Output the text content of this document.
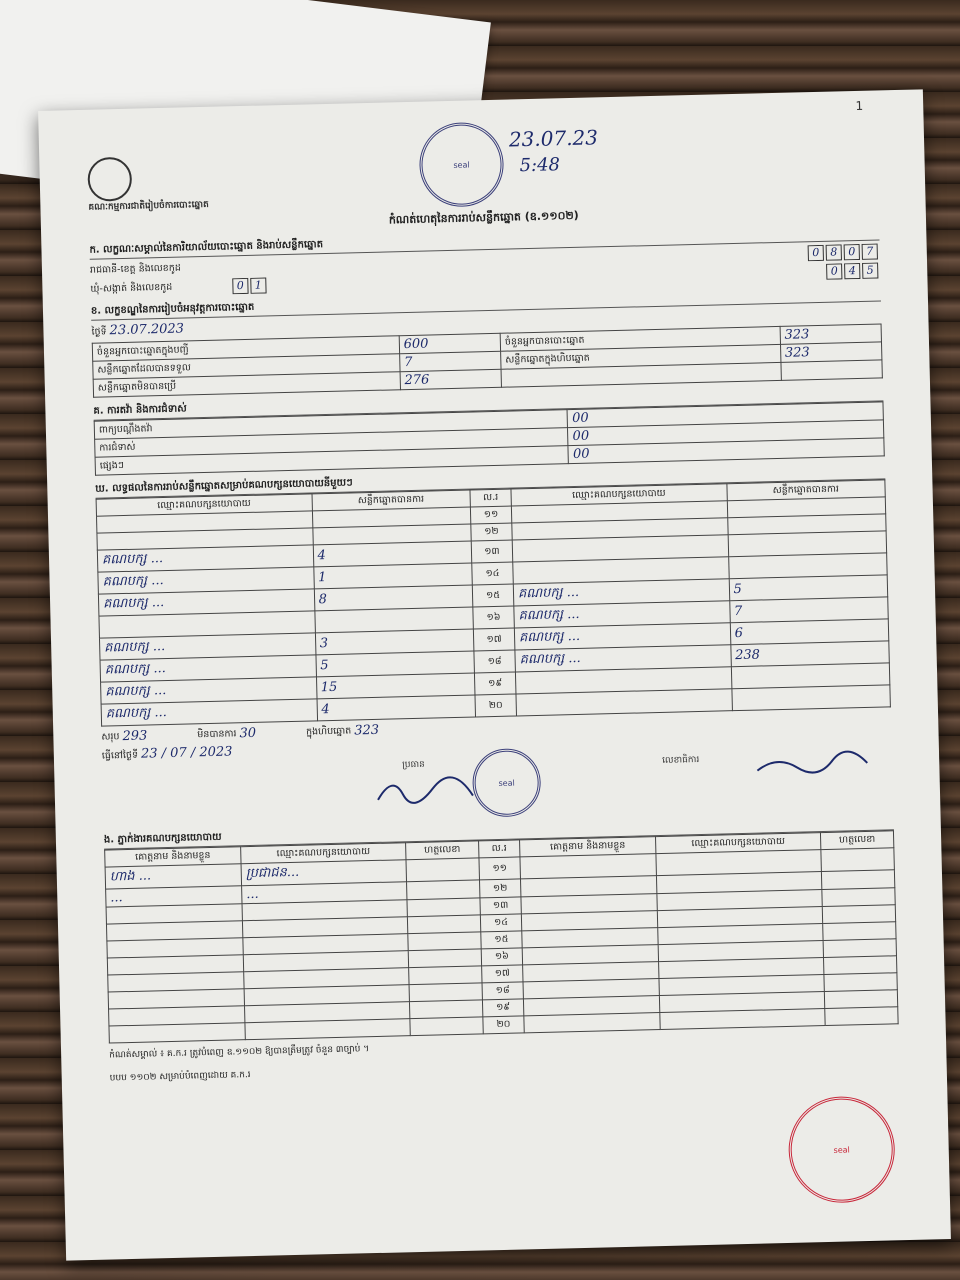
seal
23.07.23
5:48
1
គណៈកម្មការជាតិរៀបចំការបោះឆ្នោត
កំណត់ហេតុនៃការរាប់សន្លឹកឆ្នោត (ឧ.១១០២)
ក. លក្ខណៈសម្គាល់នៃការិយាល័យបោះឆ្នោត និងរាប់សន្លឹកឆ្នោត
រាជធានី-ខេត្ត និងលេខកូដ
0 8 0 7
ឃុំ-សង្កាត់ និងលេខកូដ	0 1
0 4 5
ខ. លក្ខខណ្ឌនៃការរៀបចំអនុវត្តការបោះឆ្នោត
ថ្ងៃទី 23.07.2023
ចំនួនអ្នកបោះឆ្នោតក្នុងបញ្ជី	600	ចំនួនអ្នកបានបោះឆ្នោត	323
សន្លឹកឆ្នោតដែលបានទទួល	7	សន្លឹកឆ្នោតក្នុងហិបឆ្នោត	323
សន្លឹកឆ្នោតមិនបានប្រើ	276		
គ. ការតវ៉ា និងការជំទាស់
ពាក្យបណ្តឹងតវ៉ា	00
ការជំទាស់	00
ផ្សេងៗ	00
ឃ. លទ្ធផលនៃការរាប់សន្លឹកឆ្នោតសម្រាប់គណបក្សនយោបាយនីមួយៗ
ឈ្មោះគណបក្សនយោបាយ	សន្លឹកឆ្នោតបានការ	ល.រ	ឈ្មោះគណបក្សនយោបាយ	សន្លឹកឆ្នោតបានការ
		១១		
		១២		
គណបក្ស ...	4	១៣		
គណបក្ស ...	1	១៤		
គណបក្ស ...	8	១៥	គណបក្ស ...	5
		១៦	គណបក្ស ...	7
គណបក្ស ...	3	១៧	គណបក្ស ...	6
គណបក្ស ...	5	១៨	គណបក្ស ...	238
គណបក្ស ...	15	១៩		
គណបក្ស ...	4	២០		
សរុប 293	មិនបានការ 30	ក្នុងហិបឆ្នោត 323
ធ្វើនៅថ្ងៃទី 23 / 07 / 2023
ប្រធាន	លេខាធិការ
seal
ង. ភ្នាក់ងារគណបក្សនយោបាយ
គោត្តនាម និងនាមខ្លួន	ឈ្មោះគណបក្សនយោបាយ	ហត្ថលេខា	ល.រ	គោត្តនាម និងនាមខ្លួន	ឈ្មោះគណបក្សនយោបាយ	ហត្ថលេខា
ហាង ...	ប្រជាជន...		១១			
...	...		១២			
			១៣			
			១៤			
			១៥			
			១៦			
			១៧			
			១៨			
			១៩			
			២០			
កំណត់សម្គាល់ ៖ គ.ក.រ ត្រូវបំពេញ ឧ.១១០២ ឱ្យបានត្រឹមត្រូវ ចំនួន ៣ច្បាប់ ។
បបប ១១០២ សម្រាប់បំពេញដោយ គ.ក.រ
seal
